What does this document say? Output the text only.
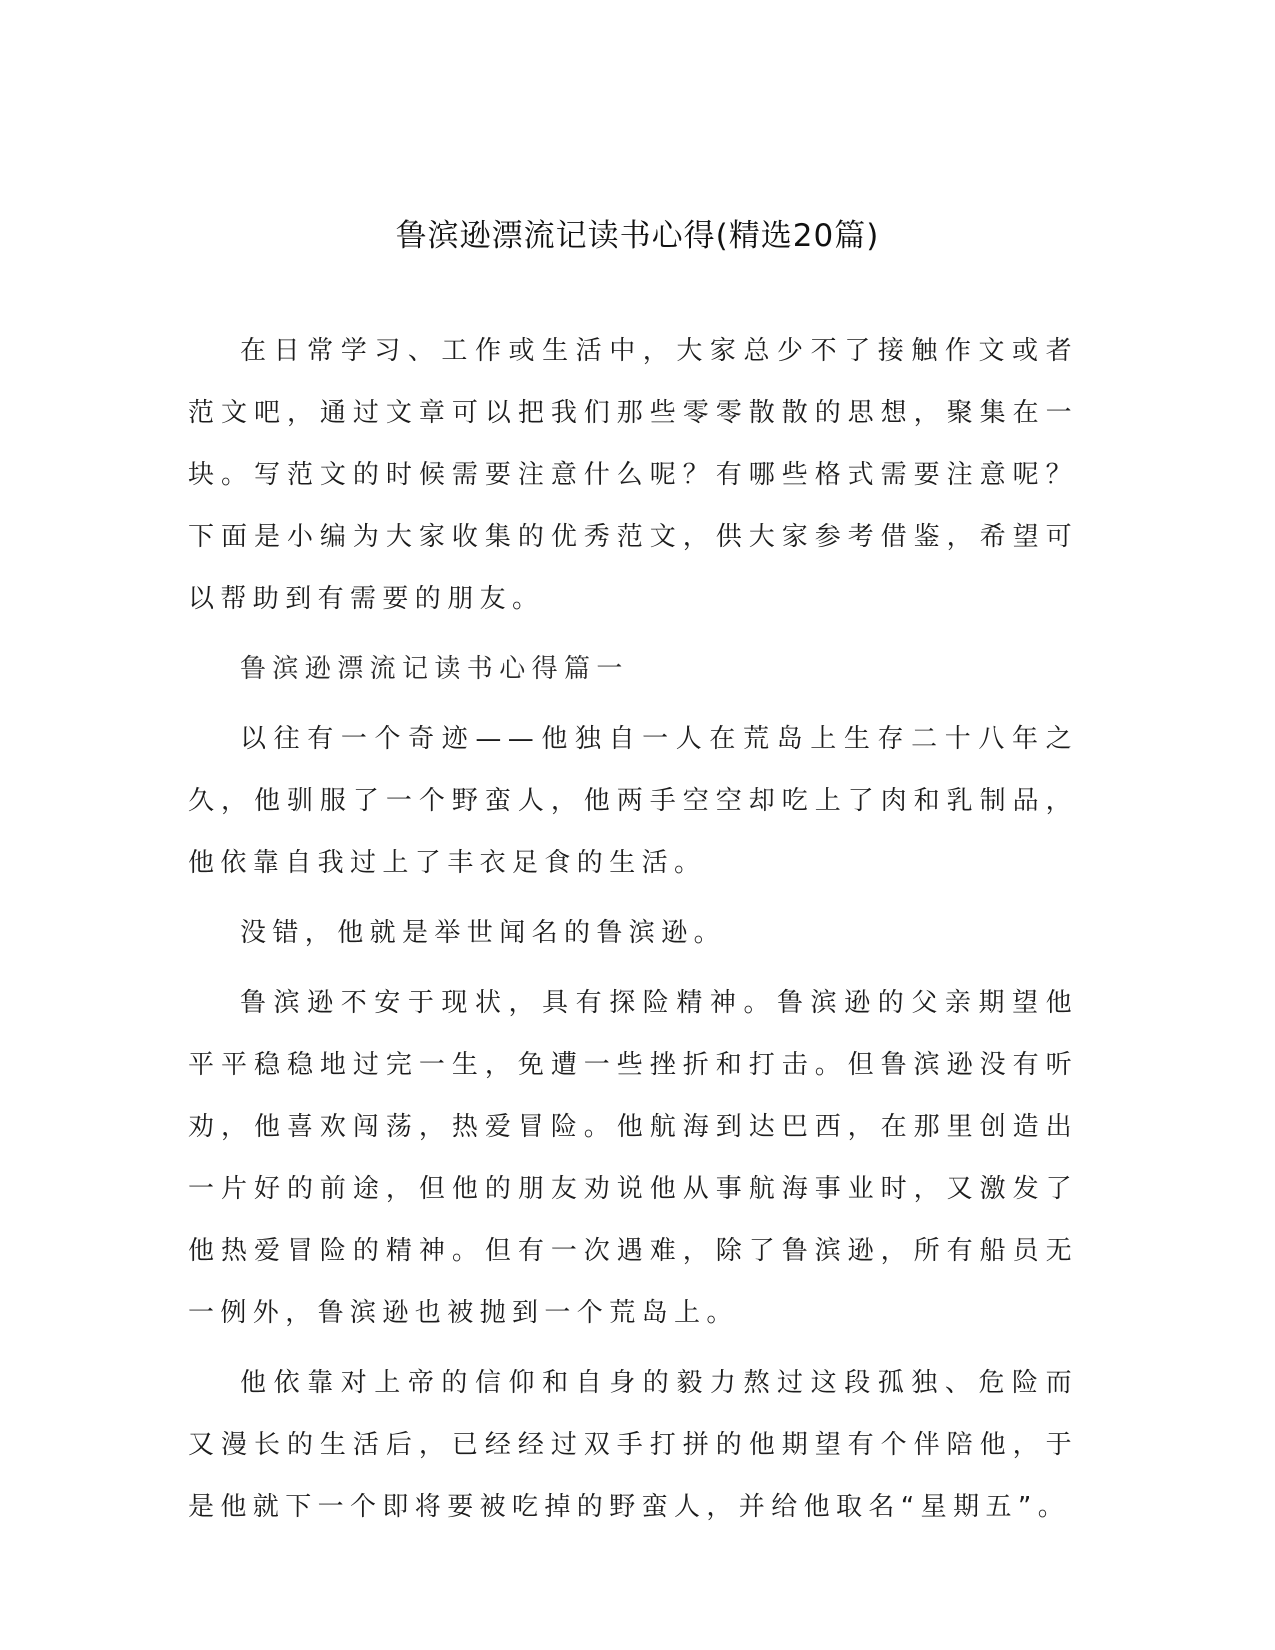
鲁滨逊漂流记读书心得(精选20篇)

在日常学习、工作或生活中，大家总少不了接触作文或者范文吧，通过文章可以把我们那些零零散散的思想，聚集在一块。写范文的时候需要注意什么呢？有哪些格式需要注意呢？下面是小编为大家收集的优秀范文，供大家参考借鉴，希望可以帮助到有需要的朋友。

鲁滨逊漂流记读书心得篇一

以往有一个奇迹——他独自一人在荒岛上生存二十八年之久，他驯服了一个野蛮人，他两手空空却吃上了肉和乳制品，他依靠自我过上了丰衣足食的生活。

没错，他就是举世闻名的鲁滨逊。

鲁滨逊不安于现状，具有探险精神。鲁滨逊的父亲期望他平平稳稳地过完一生，免遭一些挫折和打击。但鲁滨逊没有听劝，他喜欢闯荡，热爱冒险。他航海到达巴西，在那里创造出一片好的前途，但他的朋友劝说他从事航海事业时，又激发了他热爱冒险的精神。但有一次遇难，除了鲁滨逊，所有船员无一例外，鲁滨逊也被抛到一个荒岛上。

他依靠对上帝的信仰和自身的毅力熬过这段孤独、危险而又漫长的生活后，已经经过双手打拼的他期望有个伴陪他，于是他就下一个即将要被吃掉的野蛮人，并给他取名“星期五”。
